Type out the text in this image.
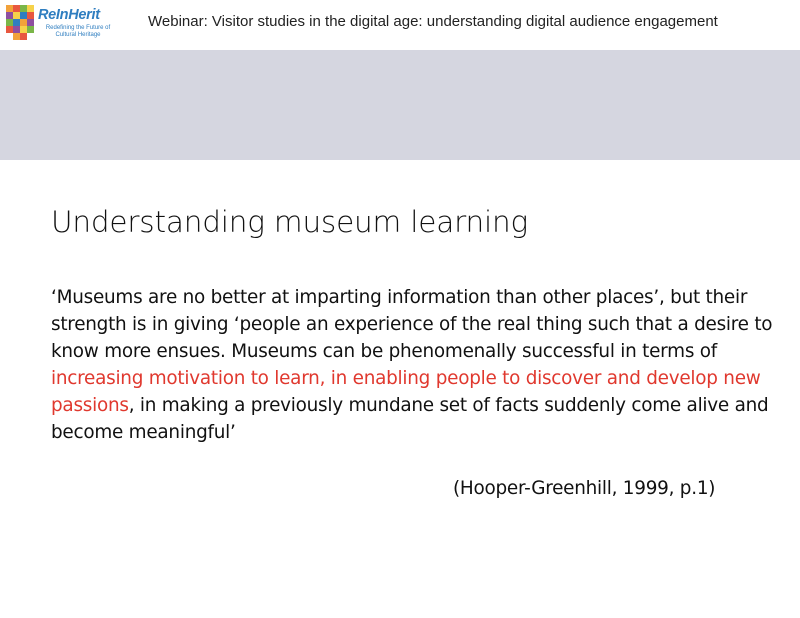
ReInHerit
Redefining the Future of Cultural Heritage
Webinar: Visitor studies in the digital age: understanding digital audience engagement
Understanding museum learning

‘Museums are no better at imparting information than other places’, but their strength is in giving ‘people an experience of the real thing such that a desire to know more ensues. Museums can be phenomenally successful in terms of increasing motivation to learn, in enabling people to discover and develop new passions, in making a previously mundane set of facts suddenly come alive and become meaningful’

(Hooper-Greenhill, 1999, p.1)
